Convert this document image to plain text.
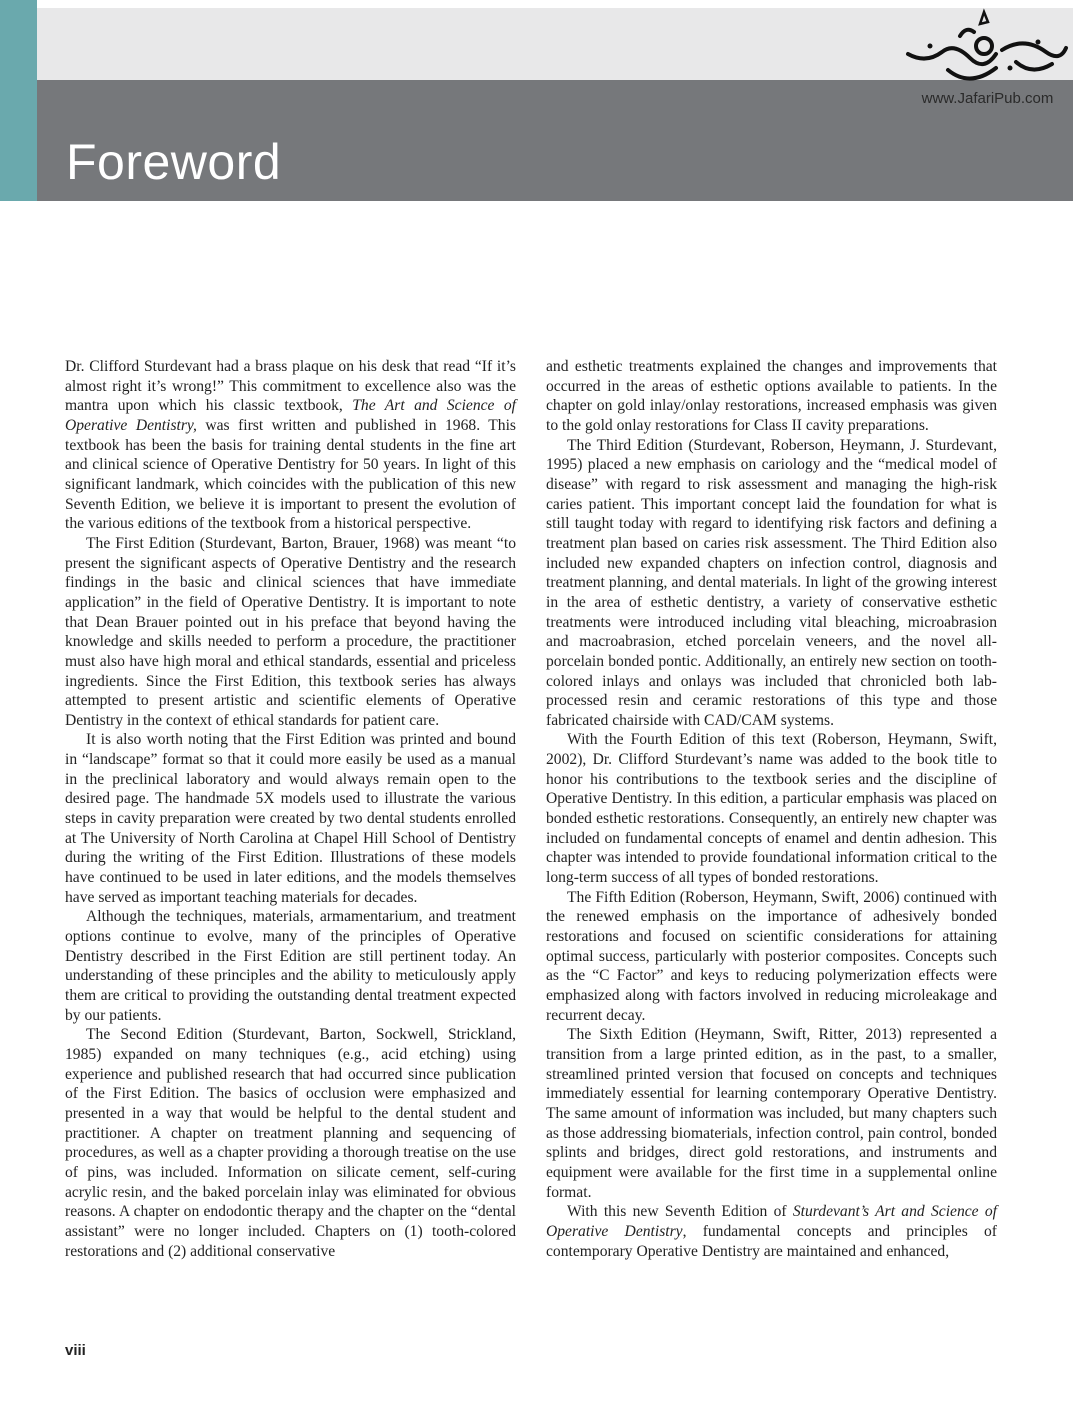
Foreword
www.JafariPub.com

Dr. Clifford Sturdevant had a brass plaque on his desk that read “If it’s almost right it’s wrong!” This commitment to excellence also was the mantra upon which his classic textbook, The Art and Science of Operative Dentistry, was first written and published in 1968. This textbook has been the basis for training dental students in the fine art and clinical science of Operative Dentistry for 50 years. In light of this significant landmark, which coincides with the publication of this new Seventh Edition, we believe it is important to present the evolution of the various editions of the textbook from a historical perspective.

The First Edition (Sturdevant, Barton, Brauer, 1968) was meant “to present the significant aspects of Operative Dentistry and the research findings in the basic and clinical sciences that have immediate application” in the field of Operative Dentistry. It is important to note that Dean Brauer pointed out in his preface that beyond having the knowledge and skills needed to perform a procedure, the practitioner must also have high moral and ethical standards, essential and priceless ingredients. Since the First Edition, this textbook series has always attempted to present artistic and scientific elements of Operative Dentistry in the context of ethical standards for patient care.

It is also worth noting that the First Edition was printed and bound in “landscape” format so that it could more easily be used as a manual in the preclinical laboratory and would always remain open to the desired page. The handmade 5X models used to illustrate the various steps in cavity preparation were created by two dental students enrolled at The University of North Carolina at Chapel Hill School of Dentistry during the writing of the First Edition. Illustrations of these models have continued to be used in later editions, and the models themselves have served as important teaching materials for decades.

Although the techniques, materials, armamentarium, and treatment options continue to evolve, many of the principles of Operative Dentistry described in the First Edition are still pertinent today. An understanding of these principles and the ability to meticulously apply them are critical to providing the outstanding dental treatment expected by our patients.

The Second Edition (Sturdevant, Barton, Sockwell, Strickland, 1985) expanded on many techniques (e.g., acid etching) using experience and published research that had occurred since publication of the First Edition. The basics of occlusion were emphasized and presented in a way that would be helpful to the dental student and practitioner. A chapter on treatment planning and sequencing of procedures, as well as a chapter providing a thorough treatise on the use of pins, was included. Information on silicate cement, self-curing acrylic resin, and the baked porcelain inlay was eliminated for obvious reasons. A chapter on endodontic therapy and the chapter on the “dental assistant” were no longer included. Chapters on (1) tooth-colored restorations and (2) additional conservative

and esthetic treatments explained the changes and improvements that occurred in the areas of esthetic options available to patients. In the chapter on gold inlay/onlay restorations, increased emphasis was given to the gold onlay restorations for Class II cavity preparations.

The Third Edition (Sturdevant, Roberson, Heymann, J. Sturdevant, 1995) placed a new emphasis on cariology and the “medical model of disease” with regard to risk assessment and managing the high-risk caries patient. This important concept laid the foundation for what is still taught today with regard to identifying risk factors and defining a treatment plan based on caries risk assessment. The Third Edition also included new expanded chapters on infection control, diagnosis and treatment planning, and dental materials. In light of the growing interest in the area of esthetic dentistry, a variety of conservative esthetic treatments were introduced including vital bleaching, microabrasion and macroabrasion, etched porcelain veneers, and the novel all-porcelain bonded pontic. Additionally, an entirely new section on tooth-colored inlays and onlays was included that chronicled both lab-processed resin and ceramic restorations of this type and those fabricated chairside with CAD/CAM systems.

With the Fourth Edition of this text (Roberson, Heymann, Swift, 2002), Dr. Clifford Sturdevant’s name was added to the book title to honor his contributions to the textbook series and the discipline of Operative Dentistry. In this edition, a particular emphasis was placed on bonded esthetic restorations. Consequently, an entirely new chapter was included on fundamental concepts of enamel and dentin adhesion. This chapter was intended to provide foundational information critical to the long-term success of all types of bonded restorations.

The Fifth Edition (Roberson, Heymann, Swift, 2006) continued with the renewed emphasis on the importance of adhesively bonded restorations and focused on scientific considerations for attaining optimal success, particularly with posterior composites. Concepts such as the “C Factor” and keys to reducing polymerization effects were emphasized along with factors involved in reducing microleakage and recurrent decay.

The Sixth Edition (Heymann, Swift, Ritter, 2013) represented a transition from a large printed edition, as in the past, to a smaller, streamlined printed version that focused on concepts and techniques immediately essential for learning contemporary Operative Dentistry. The same amount of information was included, but many chapters such as those addressing biomaterials, infection control, pain control, bonded splints and bridges, direct gold restorations, and instruments and equipment were available for the first time in a supplemental online format.

With this new Seventh Edition of Sturdevant’s Art and Science of Operative Dentistry, fundamental concepts and principles of contemporary Operative Dentistry are maintained and enhanced,

viii
